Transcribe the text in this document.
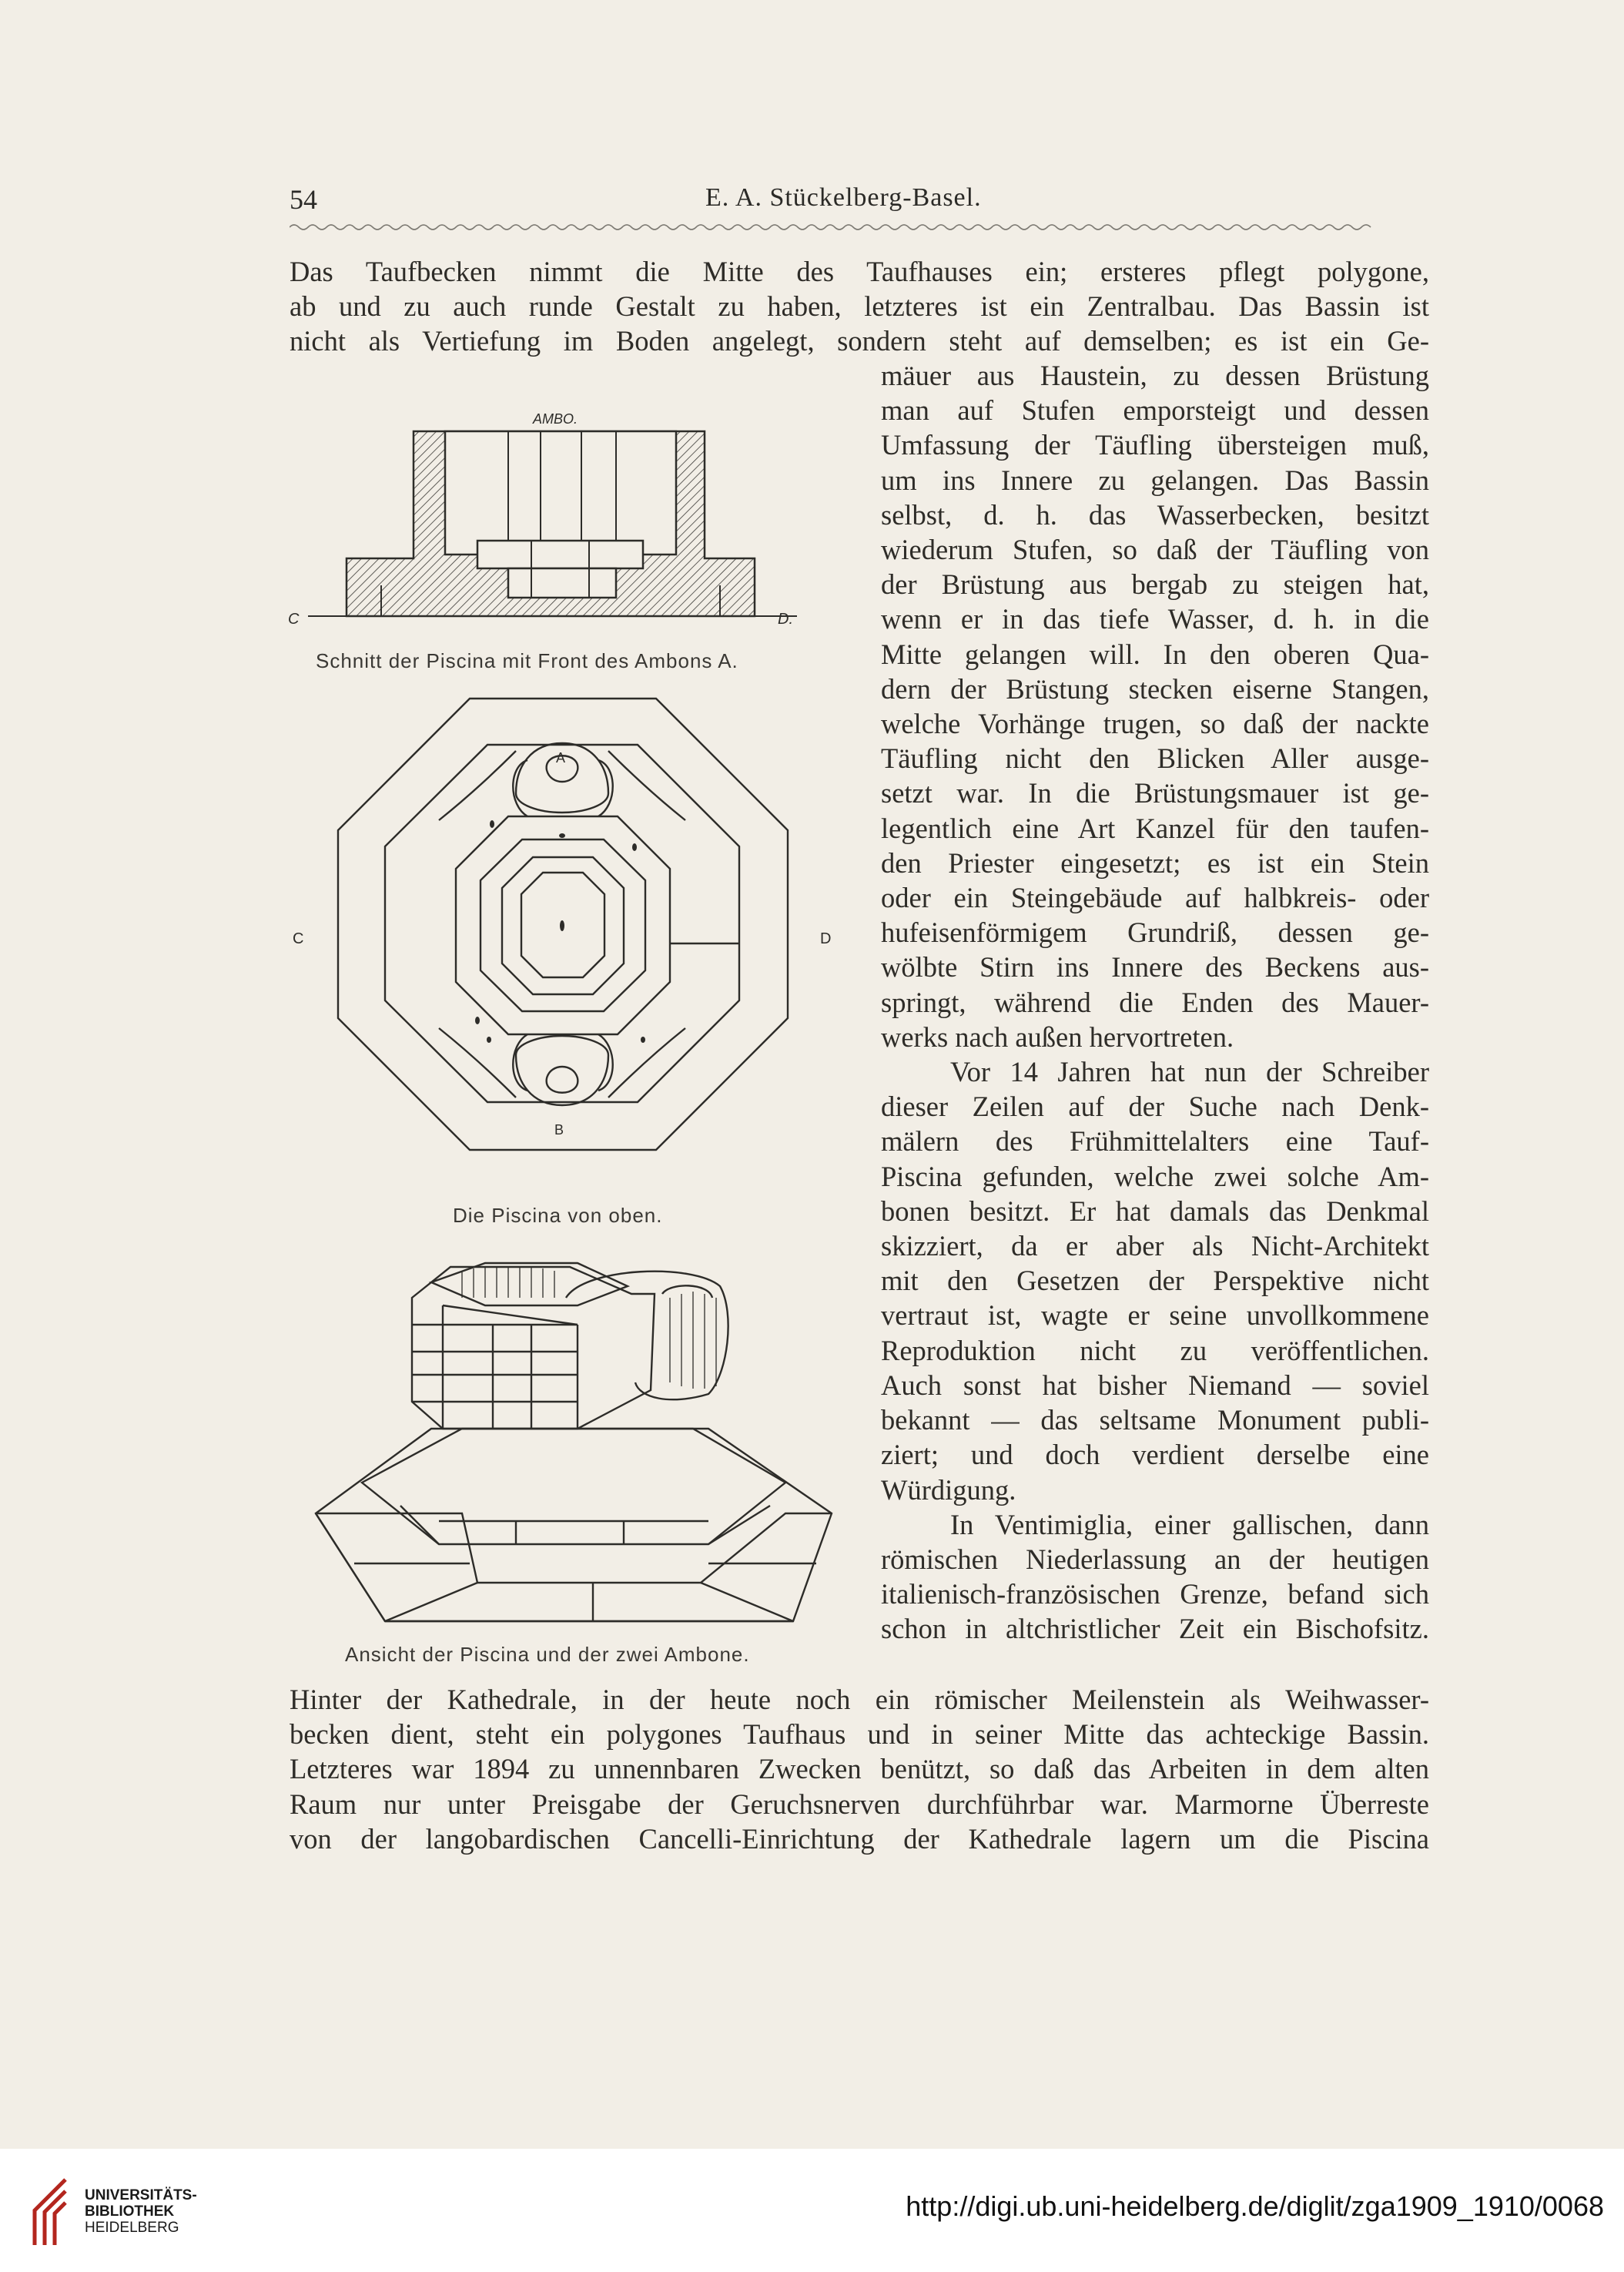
54	E. A. Stückelberg-Basel.
Das Taufbecken nimmt die Mitte des Taufhauses ein; ersteres pflegt polygone,
ab und zu auch runde Gestalt zu haben, letzteres ist ein Zentralbau. Das Bassin ist
nicht als Vertiefung im Boden angelegt, sondern steht auf demselben; es ist ein Ge-
mäuer aus Haustein, zu dessen Brüstung
man auf Stufen emporsteigt und dessen
Umfassung der Täufling übersteigen muß,
um ins Innere zu gelangen. Das Bassin
selbst, d. h. das Wasserbecken, besitzt
wiederum Stufen, so daß der Täufling von
der Brüstung aus bergab zu steigen hat,
wenn er in das tiefe Wasser, d. h. in die
Mitte gelangen will. In den oberen Qua-
dern der Brüstung stecken eiserne Stangen,
welche Vorhänge trugen, so daß der nackte
Täufling nicht den Blicken Aller ausge-
setzt war. In die Brüstungsmauer ist ge-
legentlich eine Art Kanzel für den taufen-
den Priester eingesetzt; es ist ein Stein
oder ein Steingebäude auf halbkreis- oder
hufeisenförmigem Grundriß, dessen ge-
wölbte Stirn ins Innere des Beckens aus-
springt, während die Enden des Mauer-
werks nach außen hervortreten.
Vor 14 Jahren hat nun der Schreiber
dieser Zeilen auf der Suche nach Denk-
mälern des Frühmittelalters eine Tauf-
Piscina gefunden, welche zwei solche Am-
bonen besitzt. Er hat damals das Denkmal
skizziert, da er aber als Nicht-Architekt
mit den Gesetzen der Perspektive nicht
vertraut ist, wagte er seine unvollkommene
Reproduktion nicht zu veröffentlichen.
Auch sonst hat bisher Niemand — soviel
bekannt — das seltsame Monument publi-
ziert; und doch verdient derselbe eine
Würdigung.
In Ventimiglia, einer gallischen, dann
römischen Niederlassung an der heutigen
italienisch-französischen Grenze, befand sich
schon in altchristlicher Zeit ein Bischofsitz.
Hinter der Kathedrale, in der heute noch ein römischer Meilenstein als Weihwasser-
becken dient, steht ein polygones Taufhaus und in seiner Mitte das achteckige Bassin.
Letzteres war 1894 zu unnennbaren Zwecken benützt, so daß das Arbeiten in dem alten
Raum nur unter Preisgabe der Geruchsnerven durchführbar war. Marmorne Überreste
von der langobardischen Cancelli-Einrichtung der Kathedrale lagern um die Piscina
AMBO.
C	D.
Schnitt der Piscina mit Front des Ambons A.
A
B
C	D
Die Piscina von oben.
Ansicht der Piscina und der zwei Ambone.
UNIVERSITÄTS-
BIBLIOTHEK
HEIDELBERG
http://digi.ub.uni-heidelberg.de/diglit/zga1909_1910/0068
